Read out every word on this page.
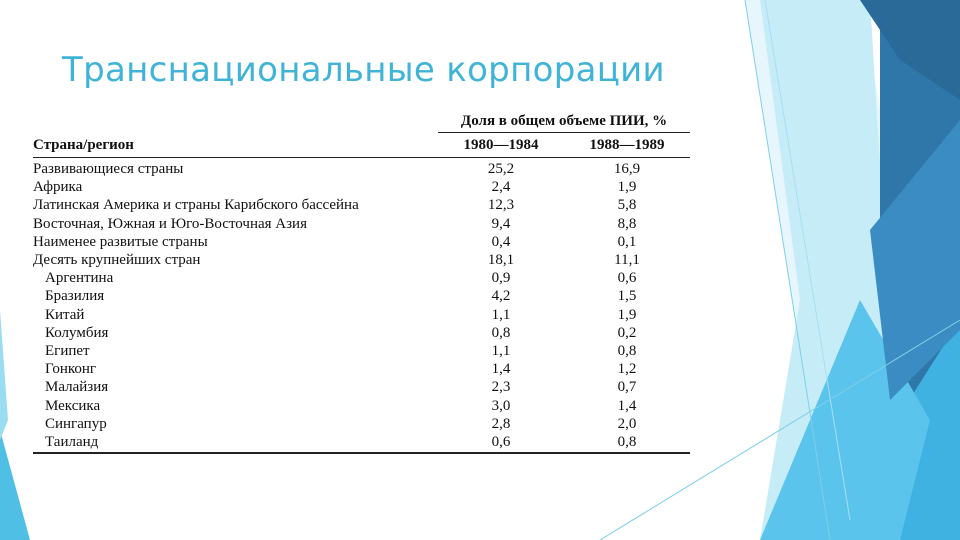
Транснациональные корпорации
	Доля в общем объеме ПИИ, %	
Страна/регион	1980—1984	1988—1989
Развивающиеся страны	25,2	16,9
Африка	2,4	1,9
Латинская Америка и страны Карибского бассейна	12,3	5,8
Восточная, Южная и Юго-Восточная Азия	9,4	8,8
Наименее развитые страны	0,4	0,1
Десять крупнейших стран	18,1	11,1
Аргентина	0,9	0,6
Бразилия	4,2	1,5
Китай	1,1	1,9
Колумбия	0,8	0,2
Египет	1,1	0,8
Гонконг	1,4	1,2
Малайзия	2,3	0,7
Мексика	3,0	1,4
Сингапур	2,8	2,0
Таиланд	0,6	0,8
